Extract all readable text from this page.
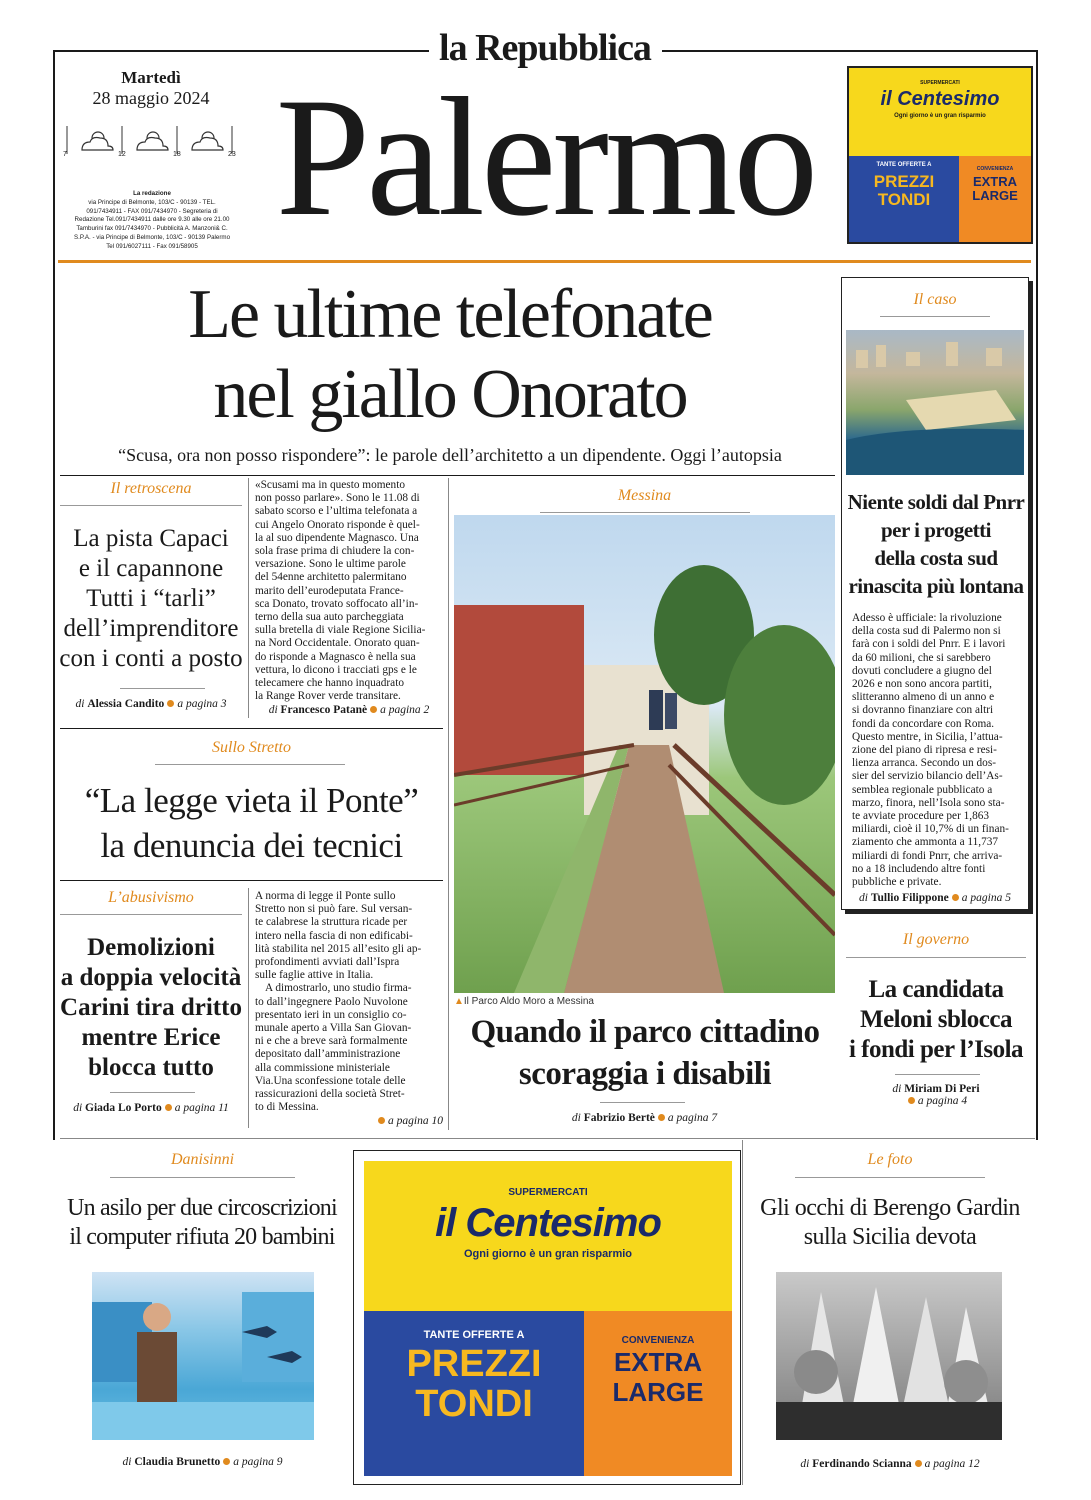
la Repubblica
Martedì
28 maggio 2024
7	12	18	23
La redazione
via Principe di Belmonte, 103/C - 90139 - TEL.
091/7434911 - FAX 091/7434970 - Segreteria di
Redazione Tel.091/7434911 dalle ore 9.30 alle ore 21.00
Tamburini fax 091/7434970 - Pubblicità A. Manzoni& C.
S.P.A. - via Principe di Belmonte, 103/C - 90139 Palermo
Tel 091/6027111 - Fax 091/58905 Palermo	SUPERMERCATI
il Centesimo
Ogni giorno è un gran risparmio
TANTE OFFERTE A
PREZZI
TONDI
CONVENIENZA
EXTRA
LARGE
Le ultime telefonate
nel giallo Onorato
“Scusa, ora non posso rispondere”: le parole dell’architetto a un dipendente. Oggi l’autopsia
Il retroscena
La pista Capaci
e il capannone
Tutti i “tarli”
dell’imprenditore
con i conti a posto
di Alessia Candito a pagina 3
«Scusami ma in questo momento
non posso parlare». Sono le 11.08 di
sabato scorso e l’ultima telefonata a
cui Angelo Onorato risponde è quel-
la al suo dipendente Magnasco. Una
sola frase prima di chiudere la con-
versazione. Sono le ultime parole
del 54enne architetto palermitano
marito dell’eurodeputata France-
sca Donato, trovato soffocato all’in-
terno della sua auto parcheggiata
sulla bretella di viale Regione Sicilia-
na Nord Occidentale. Onorato quan-
do risponde a Magnasco è nella sua
vettura, lo dicono i tracciati gps e le
telecamere che hanno inquadrato
la Range Rover verde transitare.
di Francesco Patanè a pagina 2
Sullo Stretto
“La legge vieta il Ponte”
la denuncia dei tecnici
L’abusivismo
Demolizioni
a doppia velocità
Carini tira dritto
mentre Erice
blocca tutto
di Giada Lo Porto a pagina 11
A norma di legge il Ponte sullo
Stretto non si può fare. Sul versan-
te calabrese la struttura ricade per
intero nella fascia di non edificabi-
lità stabilita nel 2015 all’esito gli ap-
profondimenti avviati dall’Ispra
sulle faglie attive in Italia.
A dimostrarlo, uno studio firma-
to dall’ingegnere Paolo Nuvolone
presentato ieri in un consiglio co-
munale aperto a Villa San Giovan-
ni e che a breve sarà formalmente
depositato dall’amministrazione
alla commissione ministeriale
Via.Una sconfessione totale delle
rassicurazioni della società Stret-
to di Messina.
a pagina 10
Messina
▲Il Parco Aldo Moro a Messina
Quando il parco cittadino
scoraggia i disabili
di Fabrizio Bertè a pagina 7
Il caso
Niente soldi dal Pnrr
per i progetti
della costa sud
rinascita più lontana
Adesso è ufficiale: la rivoluzione
della costa sud di Palermo non si
farà con i soldi del Pnrr. E i lavori
da 60 milioni, che si sarebbero
dovuti concludere a giugno del
2026 e non sono ancora partiti,
slitteranno almeno di un anno e
si dovranno finanziare con altri
fondi da concordare con Roma.
Questo mentre, in Sicilia, l’attua-
zione del piano di ripresa e resi-
lienza arranca. Secondo un dos-
sier del servizio bilancio dell’As-
semblea regionale pubblicato a
marzo, finora, nell’Isola sono sta-
te avviate procedure per 1,863
miliardi, cioè il 10,7% di un finan-
ziamento che ammonta a 11,737
miliardi di fondi Pnrr, che arriva-
no a 18 includendo altre fonti
pubbliche e private.
di Tullio Filippone a pagina 5
Il governo
La candidata
Meloni sblocca
i fondi per l’Isola
di Miriam Di Peri
a pagina 4
Danisinni
Un asilo per due circoscrizioni
il computer rifiuta 20 bambini
di Claudia Brunetto a pagina 9
SUPERMERCATI
il Centesimo
Ogni giorno è un gran risparmio
TANTE OFFERTE A
PREZZI
TONDI
CONVENIENZA
EXTRA
LARGE
Le foto
Gli occhi di Berengo Gardin
sulla Sicilia devota
di Ferdinando Scianna a pagina 12
